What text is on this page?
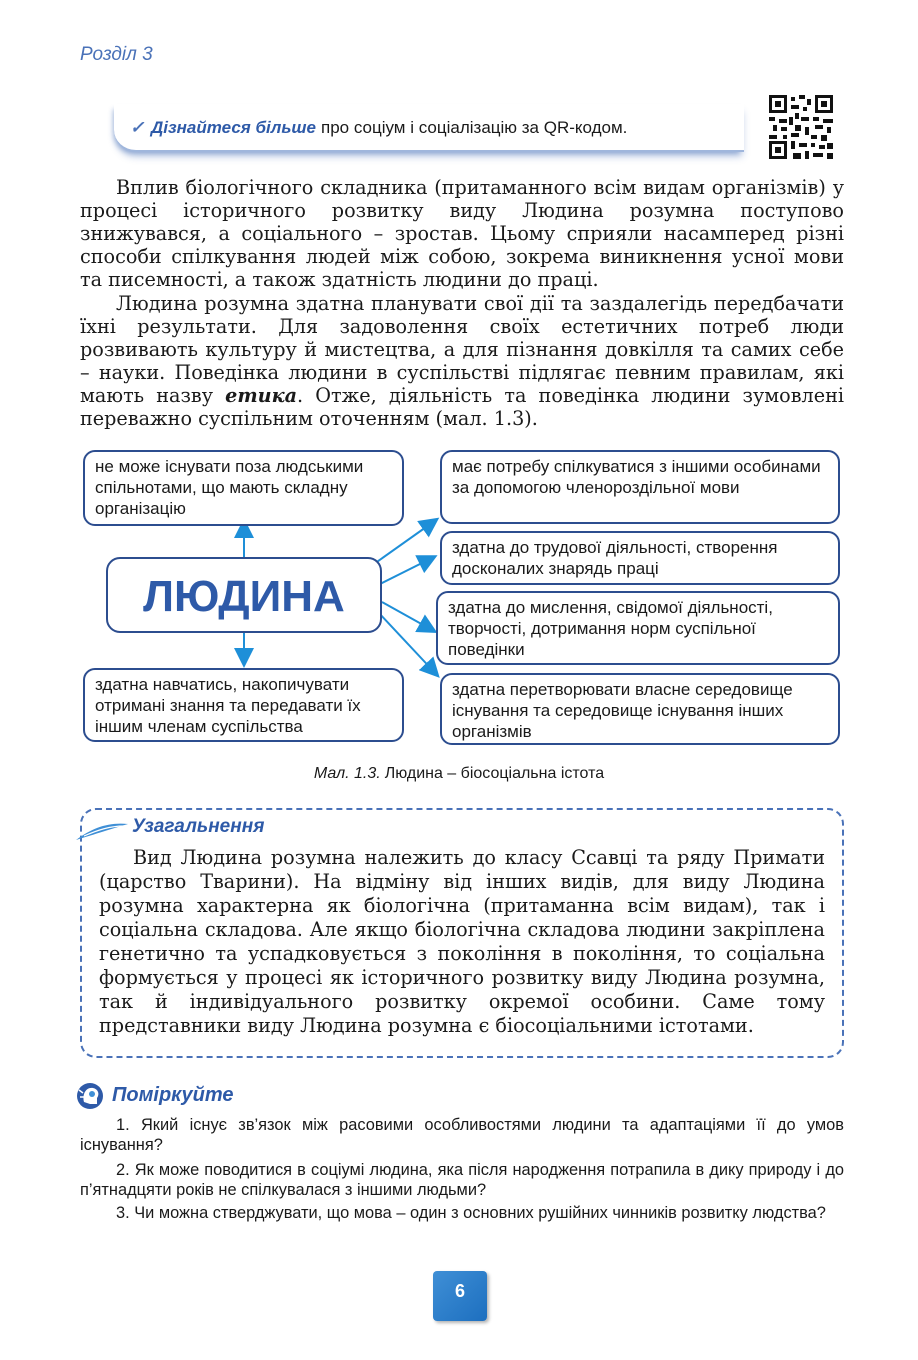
Розділ 3
✓ Дізнайтеся більше про соціум і соціалізацію за QR-кодом.
Вплив біологічного складника (притаманного всім видам організмів) у процесі історичного розвитку виду Людина розумна поступово знижувався, а соціального – зростав. Цьому сприяли насамперед різні способи спілкування людей між собою, зокрема виникнення усної мови та писемності, а також здатність людини до праці.
Людина розумна здатна планувати свої дії та заздалегідь передбачати їхні результати. Для задоволення своїх естетичних потреб люди розвивають культуру й мистецтва, а для пізнання довкілля та самих себе – науки. Поведінка людини в суспільстві підлягає певним правилам, які мають назву етика. Отже, діяльність та поведінка людини зумовлені переважно суспільним оточенням (мал. 1.3).
не може існувати поза людськими спільнотами, що мають складну організацію
здатна навчатись, накопичувати отримані знання та передавати їх іншим членам суспільства
ЛЮДИНА
має потребу спілкуватися з іншими особинами за допомогою членороздільної мови
здатна до трудової діяльності, створення досконалих знарядь праці
здатна до мислення, свідомої діяльності, творчості, дотримання норм суспільної поведінки
здатна перетворювати власне середовище існування та середовище існування інших організмів
Мал. 1.3. Людина – біосоціальна істота
Узагальнення
Вид Людина розумна належить до класу Ссавці та ряду Примати (царство Тварини). На відміну від інших видів, для виду Людина розумна характерна як біологічна (притаманна всім видам), так і соціальна складова. Але якщо біологічна складова людини закріплена генетично та успадковується з покоління в покоління, то соціальна формується у процесі як історичного розвитку виду Людина розумна, так й індивідуального розвитку окремої особини. Саме тому представники виду Людина розумна є біосоціальними істотами.
Поміркуйте
1. Який існує зв’язок між расовими особливостями людини та адаптаціями її до умов існування?
2. Як може поводитися в соціумі людина, яка після народження потрапила в дику природу і до п’ятнадцяти років не спілкувалася з іншими людьми?
3. Чи можна стверджувати, що мова – один з основних рушійних чинників розвитку людства?
6
